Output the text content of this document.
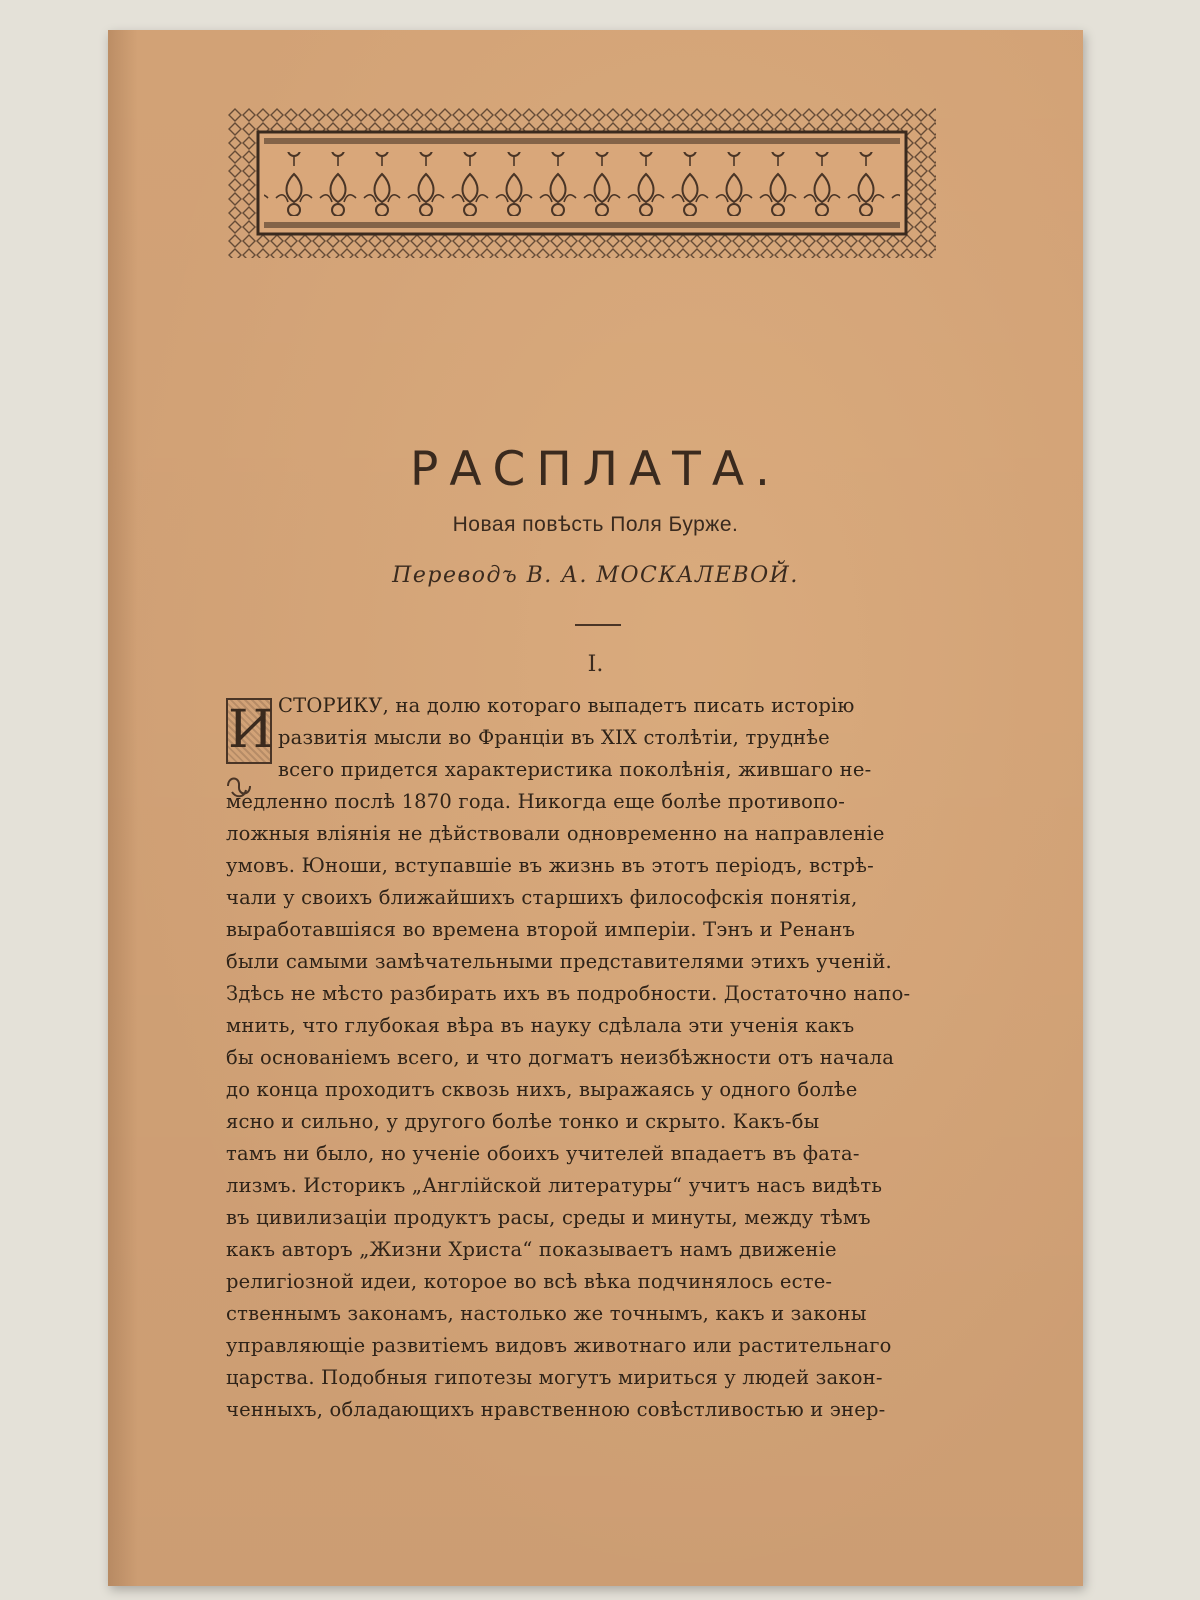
РАСПЛАТА.
Новая повѣсть Поля Бурже.
Переводъ В. А. МОСКАЛЕВОЙ.
I.
И СТОРИКУ, на долю котораго выпадетъ писать исторію
развитія мысли во Франціи въ XIX столѣтіи, труднѣе
всего придется характеристика поколѣнія, жившаго не-
медленно послѣ 1870 года. Никогда еще болѣе противопо-
ложныя вліянія не дѣйствовали одновременно на направленіе
умовъ. Юноши, вступавшіе въ жизнь въ этотъ періодъ, встрѣ-
чали у своихъ ближайшихъ старшихъ философскія понятія,
выработавшіяся во времена второй имперіи. Тэнъ и Ренанъ
были самыми замѣчательными представителями этихъ ученій.
Здѣсь не мѣсто разбирать ихъ въ подробности. Достаточно напо-
мнить, что глубокая вѣра въ науку сдѣлала эти ученія какъ
бы основаніемъ всего, и что догматъ неизбѣжности отъ начала
до конца проходитъ сквозь нихъ, выражаясь у одного болѣе
ясно и сильно, у другого болѣе тонко и скрыто. Какъ-бы
тамъ ни было, но ученіе обоихъ учителей впадаетъ въ фата-
лизмъ. Историкъ „Англійской литературы“ учитъ насъ видѣть
въ цивилизаціи продуктъ расы, среды и минуты, между тѣмъ
какъ авторъ „Жизни Христа“ показываетъ намъ движеніе
религіозной идеи, которое во всѣ вѣка подчинялось есте-
ственнымъ законамъ, настолько же точнымъ, какъ и законы
управляющіе развитіемъ видовъ животнаго или растительнаго
царства. Подобныя гипотезы могутъ мириться у людей закон-
ченныхъ, обладающихъ нравственною совѣстливостью и энер-
